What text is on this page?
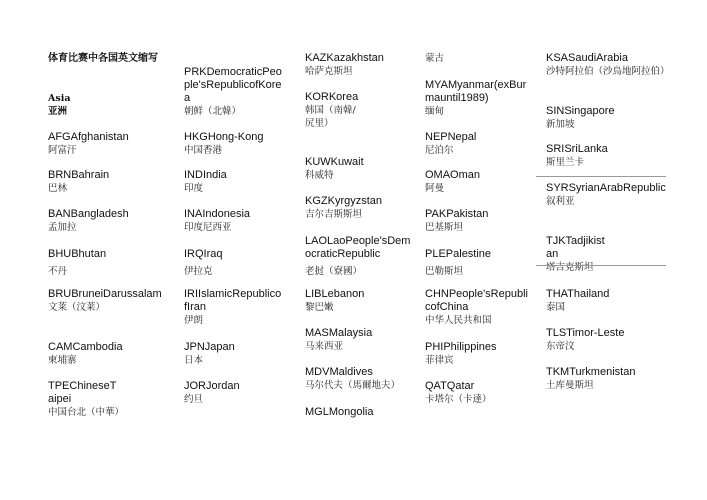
体育比赛中各国英文缩写
Asia
亚洲
AFGAfghanistan
阿富汗
BRNBahrain
巴林
BANBangladesh
孟加拉
BHUBhutan
不丹
BRUBruneiDarussalam
文莱（汶莱）
CAMCambodia
柬埔寨
TPEChineseTaipei
中国台北（中華）
PRKDemocraticPeople'sRepublicofKorea
朝鲜（北韓）
HKGHong-Kong
中国香港
INDIndia
印度
INAIndonesia
印度尼西亚
IRQIraq
伊拉克
IRIIslamicRepublicofIran
伊朗
JPNJapan
日本
JORJordan
约旦
KAZKazakhstan
哈萨克斯坦
KORKorea
韩国（南韓/尻里）
KUWKuwait
科威特
KGZKyrgyzstan
吉尔吉斯斯坦
LAOLaoPeople'sDemocraticRepublic
老挝（寮國）
LIBLebanon
黎巴嫩
MASMalaysia
马来西亚
MDVMaldives
马尔代夫（馬爾地夫）
MGLMongolia
蒙古
MYAMyanmar(exBurmauntil1989)
缅甸
NEPNepal
尼泊尔
OMAOman
阿曼
PAKPakistan
巴基斯坦
PLEPalestine
巴勒斯坦
CHNPeople'sRepublicofChina
中华人民共和国
PHIPhilippines
菲律宾
QATQatar
卡塔尔（卡達）
KSASaudiArabia
沙特阿拉伯（沙烏地阿拉伯）
SINSingapore
新加坡
SRISriLanka
斯里兰卡
SYRSyrianArabRepublic
叙利亚
TJKTadjikistan
塔吉克斯坦
THAThailand
泰国
TLSTimor-Leste
东帝汶
TKMTurkmenistan
土库曼斯坦
